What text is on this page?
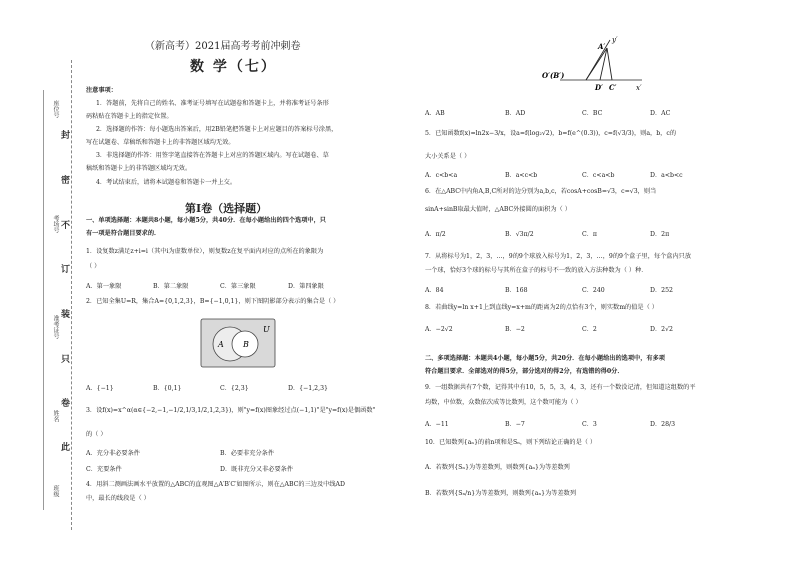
座位号
考场号
准考证号
姓名
班级
封
密
不
订
装
只
卷
此
（新高考）2021届高考考前冲刺卷
数 学（七）
注意事项：
1．答题前，先将自己的姓名、准考证号填写在试题卷和答题卡上，并将准考证号条形
码粘贴在答题卡上的指定位置。
2．选择题的作答：每小题选出答案后，用2B铅笔把答题卡上对应题目的答案标号涂黑，
写在试题卷、草稿纸和答题卡上的非答题区域均无效。
3．非选择题的作答：用签字笔直接答在答题卡上对应的答题区域内。写在试题卷、草
稿纸和答题卡上的非答题区域均无效。
4．考试结束后，请将本试题卷和答题卡一并上交。
第Ⅰ卷（选择题）
一、单项选择题：本题共8小题，每小题5分，共40分．在每小题给出的四个选项中，只
有一项是符合题目要求的．
1．设复数z满足z+i=i（其中i为虚数单位），则复数z在复平面内对应的点所在的象限为
（ ）
A．第一象限	B．第二象限	C．第三象限	D．第四象限
2．已知全集U=R，集合A={0,1,2,3}，B={−1,0,1}，则下图阴影部分表示的集合是（ ）
U
A B
A．{−1}	B．{0,1}	C．{2,3}	D．{−1,2,3}
3．设f(x)=x^α(α∈{−2,−1,−1/2,1/3,1/2,1,2,3})，则"y=f(x)图象经过点(−1,1)"是"y=f(x)是偶函数"
的（ ）
A．充分非必要条件	B．必要非充分条件
C．充要条件	D．既非充分又非必要条件
4．用斜二测画法画水平放置的△ABC的直观图△A′B′C′如图所示，则在△ABC的三边及中线AD
中，最长的线段是（ ）
y′
A′
O′(B′)
D′ C′	x′
A．AB	B．AD	C．BC	D．AC
5．已知函数f(x)=ln2x−3/x，设a=f(log₂√2)，b=f(e^(0.3))，c=f(√3/3)，则a，b，c的
大小关系是（ ）
A．c<b<a	B．a<c<b	C．c<a<b	D．a<b<c
6．在△ABC中内角A,B,C所对的边分别为a,b,c，若cosA+cosB=√3，c=√3，则当
sinA+sinB取最大值时，△ABC外接圆的面积为（ ）
A．π/2	B．√3π/2	C．π	D．2π
7．从将标号为1，2，3，…，9的9个球放入标号为1，2，3，…，9的9个盒子里，每个盒内只放
一个球，恰好3个球的标号与其所在盒子的标号不一致的放入方法种数为（ ）种．
A．84	B．168	C．240	D．252
8．若曲线y=ln x+1上到直线y=x+m的距离为2的点恰有3个，则实数m的值是（ ）
A．−2√2	B．−2	C．2	D．2√2
二、多项选择题：本题共4小题，每小题5分，共20分．在每小题给出的选项中，有多项
符合题目要求．全部选对的得5分，部分选对的得2分，有选错的得0分．
9．一组数据共有7个数，记得其中有10，5，5，3，4，3，还有一个数没记清，但知道这组数的平
均数，中位数，众数依次成等比数列，这个数可能为（ ）
A．−11	B．−7	C．3	D．28/3
10．已知数列{aₙ}的前n项和是Sₙ，则下列结论正确的是（ ）
A．若数列{Sₙ}为等差数列，则数列{aₙ}为等差数列
B．若数列{Sₙ/n}为等差数列，则数列{aₙ}为等差数列
